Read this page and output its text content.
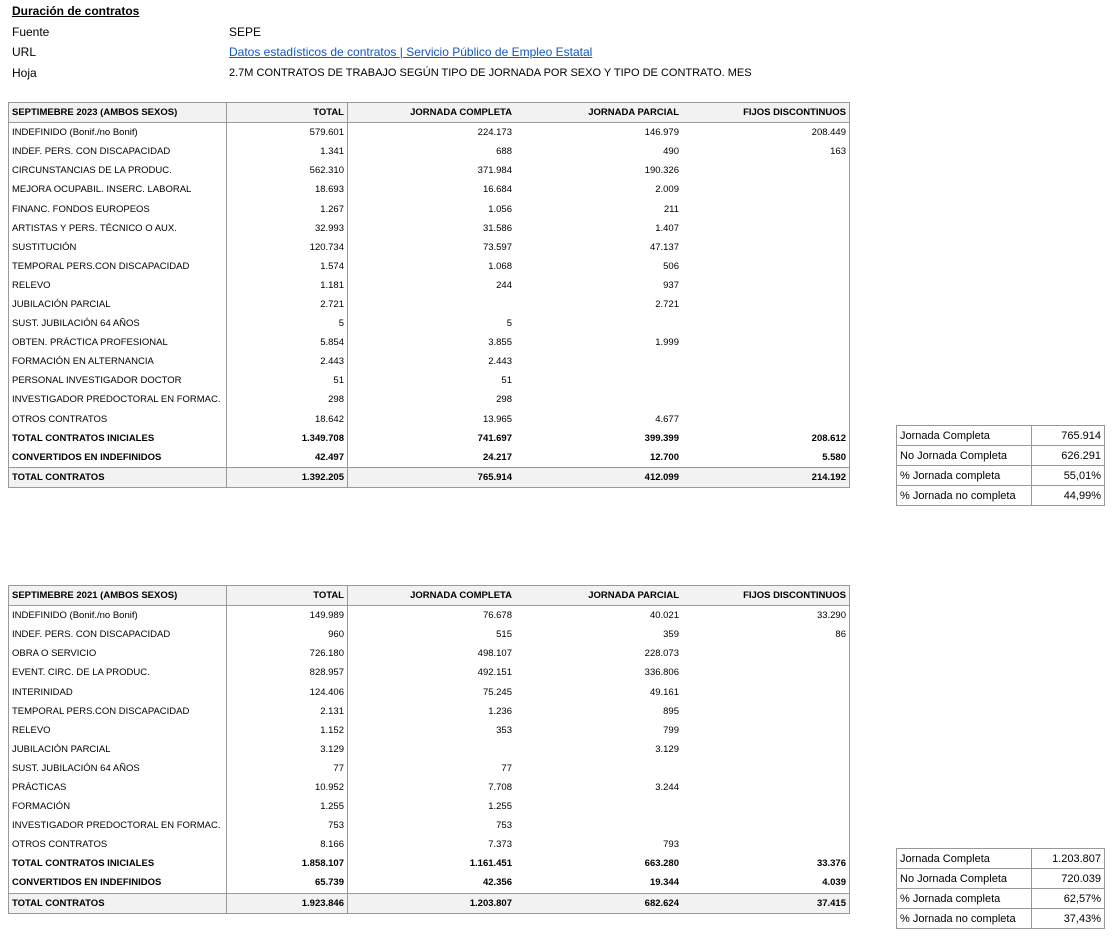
Duración de contratos
Fuente	SEPE
URL	Datos estadísticos de contratos | Servicio Público de Empleo Estatal
Hoja	2.7M CONTRATOS DE TRABAJO SEGÚN TIPO DE JORNADA POR SEXO Y TIPO DE CONTRATO. MES
SEPTIMEBRE 2023 (AMBOS SEXOS)	TOTAL	JORNADA COMPLETA	JORNADA PARCIAL	FIJOS DISCONTINUOS
INDEFINIDO (Bonif./no Bonif)	579.601	224.173	146.979	208.449
INDEF. PERS. CON DISCAPACIDAD	1.341	688	490	163
CIRCUNSTANCIAS DE LA PRODUC.	562.310	371.984	190.326	
MEJORA OCUPABIL. INSERC. LABORAL	18.693	16.684	2.009	
FINANC. FONDOS EUROPEOS	1.267	1.056	211	
ARTISTAS Y PERS. TÉCNICO O AUX.	32.993	31.586	1.407	
SUSTITUCIÓN	120.734	73.597	47.137	
TEMPORAL PERS.CON DISCAPACIDAD	1.574	1.068	506	
RELEVO	1.181	244	937	
JUBILACIÓN PARCIAL	2.721		2.721	
SUST. JUBILACIÓN 64 AÑOS	5	5		
OBTEN. PRÁCTICA PROFESIONAL	5.854	3.855	1.999	
FORMACIÓN EN ALTERNANCIA	2.443	2.443		
PERSONAL INVESTIGADOR DOCTOR	51	51		
INVESTIGADOR PREDOCTORAL EN FORMAC.	298	298		
OTROS CONTRATOS	18.642	13.965	4.677	
TOTAL CONTRATOS INICIALES	1.349.708	741.697	399.399	208.612
CONVERTIDOS EN INDEFINIDOS	42.497	24.217	12.700	5.580
TOTAL CONTRATOS	1.392.205	765.914	412.099	214.192
Jornada Completa	765.914
No Jornada Completa	626.291
% Jornada completa	55,01%
% Jornada no completa	44,99%
SEPTIMEBRE 2021 (AMBOS SEXOS)	TOTAL	JORNADA COMPLETA	JORNADA PARCIAL	FIJOS DISCONTINUOS
INDEFINIDO (Bonif./no Bonif)	149.989	76.678	40.021	33.290
INDEF. PERS. CON DISCAPACIDAD	960	515	359	86
OBRA O SERVICIO	726.180	498.107	228.073	
EVENT. CIRC. DE LA PRODUC.	828.957	492.151	336.806	
INTERINIDAD	124.406	75.245	49.161	
TEMPORAL PERS.CON DISCAPACIDAD	2.131	1.236	895	
RELEVO	1.152	353	799	
JUBILACIÓN PARCIAL	3.129		3.129	
SUST. JUBILACIÓN 64 AÑOS	77	77		
PRÁCTICAS	10.952	7.708	3.244	
FORMACIÓN	1.255	1.255		
INVESTIGADOR PREDOCTORAL EN FORMAC.	753	753		
OTROS CONTRATOS	8.166	7.373	793	
TOTAL CONTRATOS INICIALES	1.858.107	1.161.451	663.280	33.376
CONVERTIDOS EN INDEFINIDOS	65.739	42.356	19.344	4.039
TOTAL CONTRATOS	1.923.846	1.203.807	682.624	37.415
Jornada Completa	1.203.807
No Jornada Completa	720.039
% Jornada completa	62,57%
% Jornada no completa	37,43%
